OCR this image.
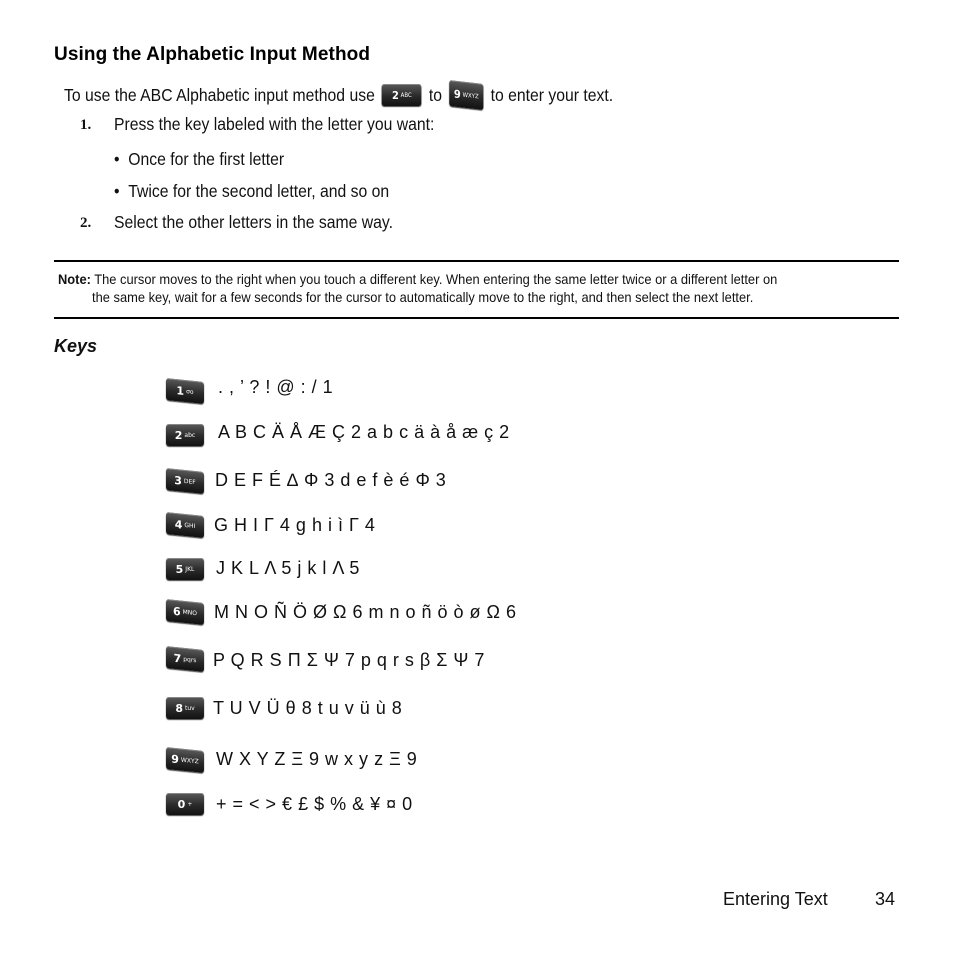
Using the Alphabetic Input Method
To use the ABC Alphabetic input method use 2 ABC to 9 WXYZ to enter your text.
1. Press the key labeled with the letter you want:
•  Once for the first letter
•  Twice for the second letter, and so on
2. Select the other letters in the same way.
Note: The cursor moves to the right when you touch a different key. When entering the same letter twice or a different letter on
the same key, wait for a few seconds for the cursor to automatically move to the right, and then select the next letter.
Keys
1 σο . , ’ ? ! @ : / 1
2 abc A B C Ä Å Æ Ç 2 a b c ä à å æ ç 2
3 DEF D E F É ∆ Φ 3 d e f è é Φ 3
4 GHI G H I Γ 4 g h i ì Γ 4
5 JKL J K L Λ 5 j k l Λ 5
6 MNO M N O Ñ Ö Ø Ω 6 m n o ñ ö ò ø Ω 6
7 pqrs P Q R S Π Σ Ψ 7 p q r s β Σ Ψ 7
8 tuv T U V Ü θ 8 t u v ü ù 8
9 WXYZ W X Y Z Ξ 9 w x y z Ξ 9
0 + + = < > € £ $ % & ¥ ¤ 0
Entering Text	34
